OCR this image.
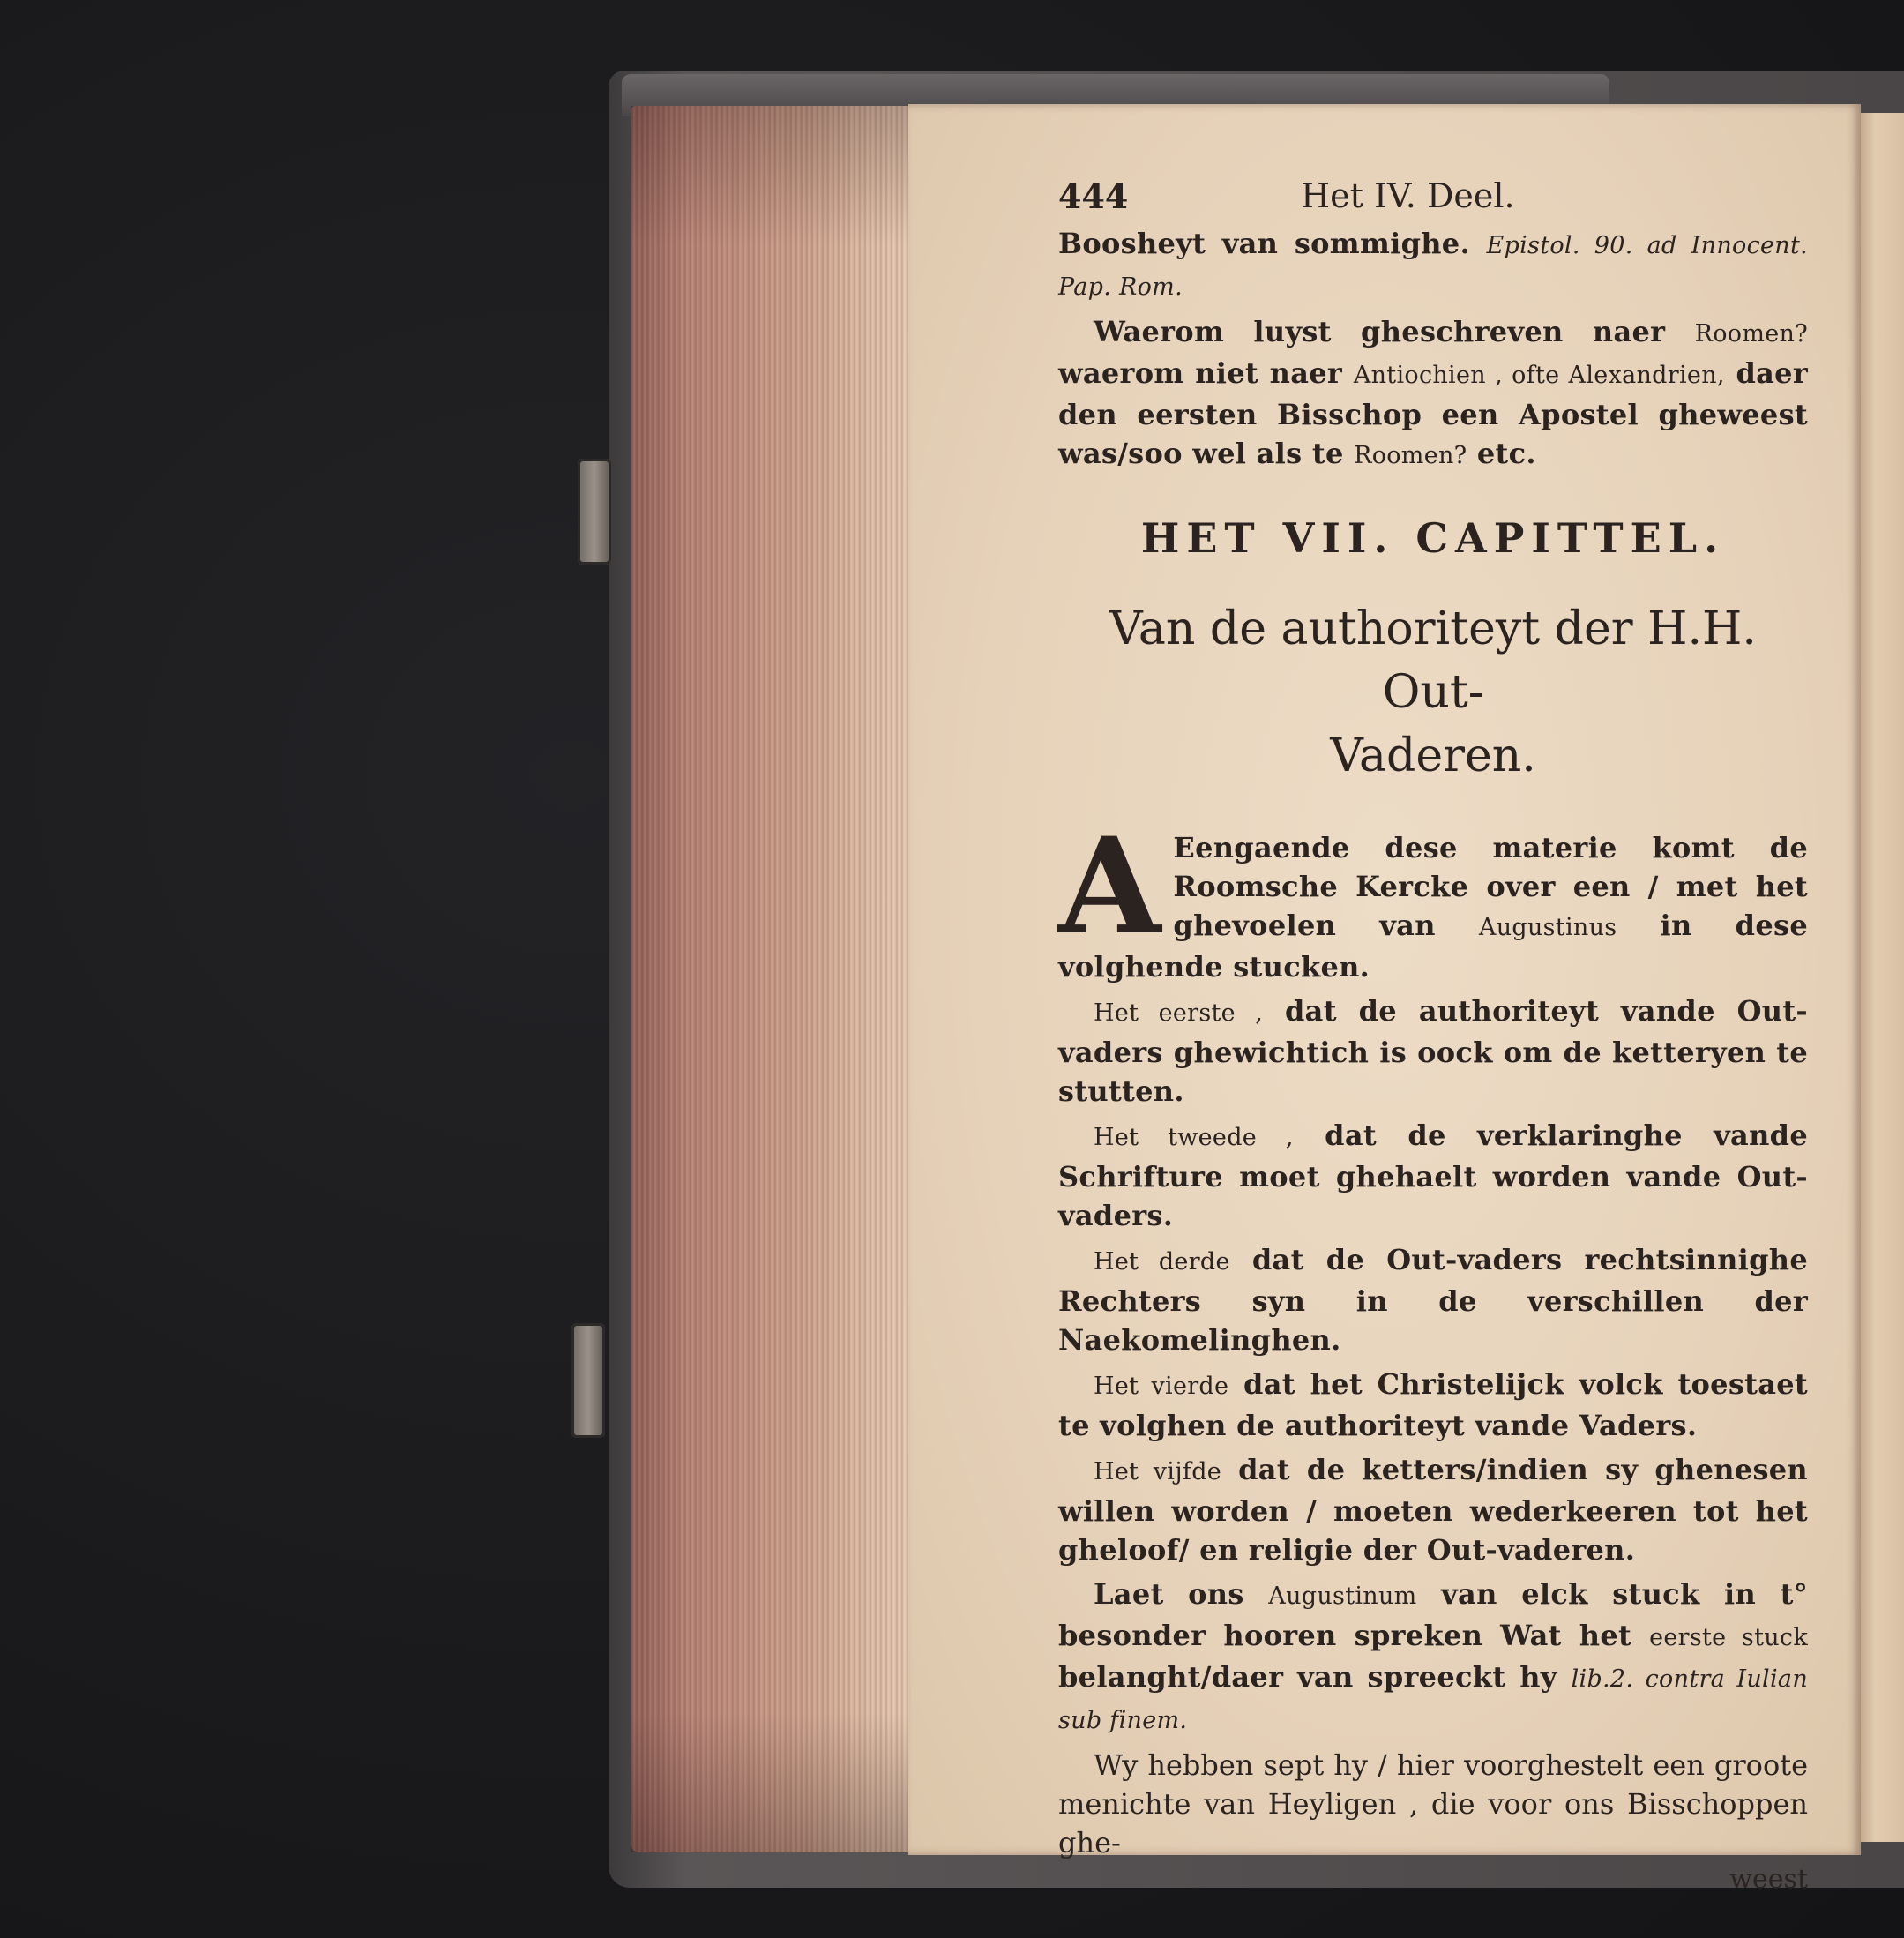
444	Het IV. Deel.

Boosheyt van sommighe. Epistol. 90. ad Innocent. Pap. Rom.

Waerom luyst gheschreven naer Roomen? waerom niet naer Antiochien , ofte Alexandrien, daer den eersten Bisschop een Apostel gheweest was/soo wel als te Roomen? etc.

HET VII. CAPITTEL.
Van de authoriteyt der H.H. Out-
Vaderen.
A Eengaende dese materie komt de Roomsche Kercke over een / met het ghevoelen van Augustinus in dese volghende stucken.

Het eerste , dat de authoriteyt vande Out-vaders ghewichtich is oock om de ketteryen te stutten.

Het tweede , dat de verklaringhe vande Schrifture moet ghehaelt worden vande Out-vaders.

Het derde dat de Out-vaders rechtsinnighe Rechters syn in de verschillen der Naekomelinghen.

Het vierde dat het Christelijck volck toestaet te volghen de authoriteyt vande Vaders.

Het vijfde dat de ketters/indien sy ghenesen willen worden / moeten wederkeeren tot het gheloof/ en religie der Out-vaderen.

Laet ons Augustinum van elck stuck in t° besonder hooren spreken Wat het eerste stuck belanght/daer van spreeckt hy lib.2. contra Iulian sub finem.

Wy hebben sept hy / hier voorghestelt een groote menichte van Heyligen , die voor ons Bisschoppen ghe-

weest
